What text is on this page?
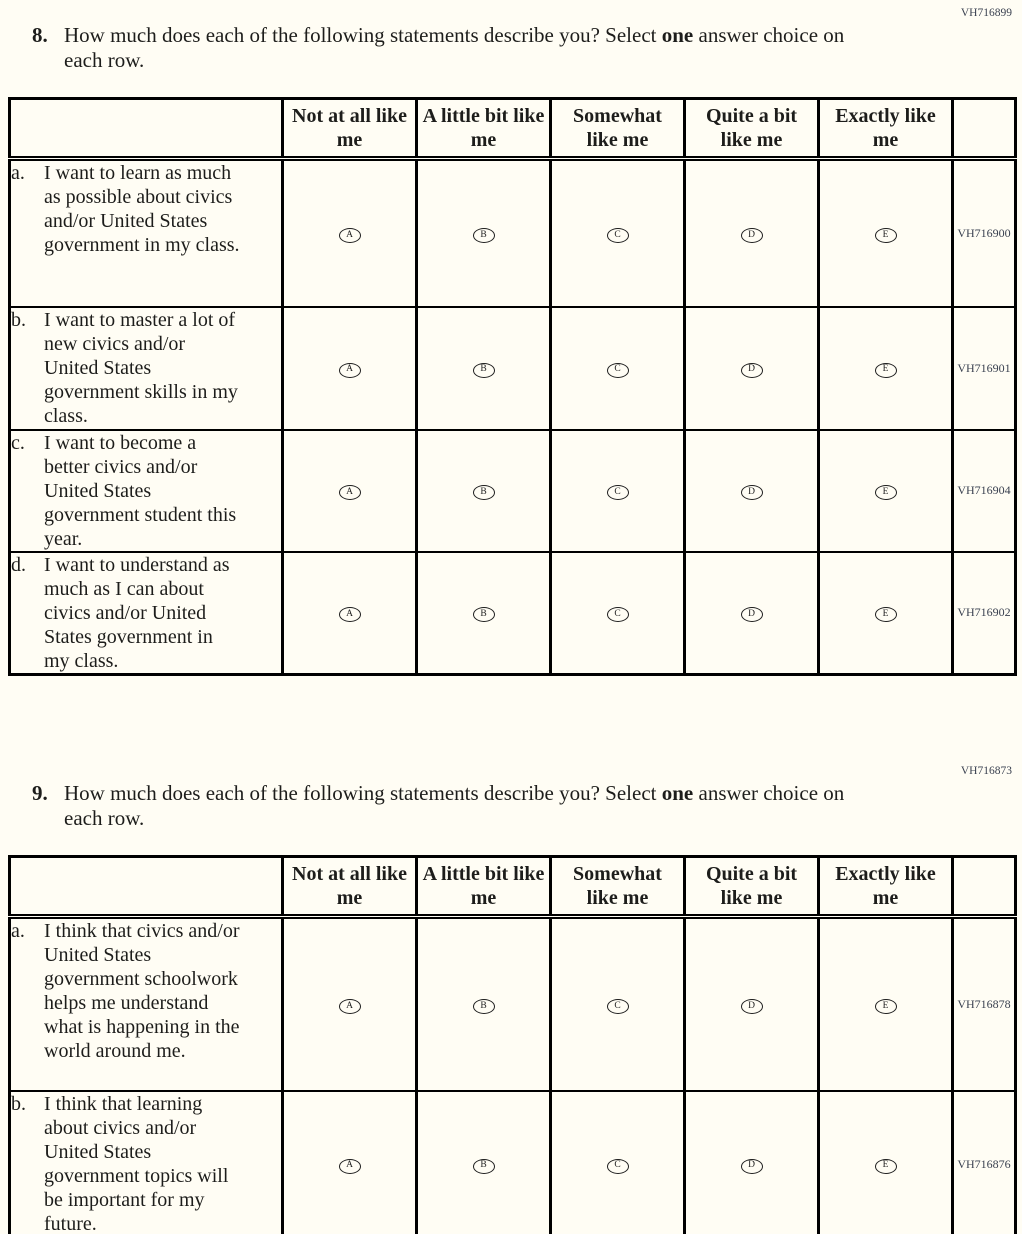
VH716899
8. How much does each of the following statements describe you? Select one answer choice on each row.
	Not at all like me	A little bit like me	Somewhat like me	Quite a bit like me	Exactly like me	

a. I want to learn as much as possible about civics and/or United States government in my class.	A	B	C	D	E	VH716900

b. I want to master a lot of new civics and/or United States government skills in my class.	A	B	C	D	E	VH716901

c. I want to become a better civics and/or United States government student this year.	A	B	C	D	E	VH716904

d. I want to understand as much as I can about civics and/or United States government in my class.	A	B	C	D	E	VH716902
VH716873
9. How much does each of the following statements describe you? Select one answer choice on each row.
	Not at all like me	A little bit like me	Somewhat like me	Quite a bit like me	Exactly like me	

a. I think that civics and/or United States government schoolwork helps me understand what is happening in the world around me.	A	B	C	D	E	VH716878

b. I think that learning about civics and/or United States government topics will be important for my future.	A	B	C	D	E	VH716876
